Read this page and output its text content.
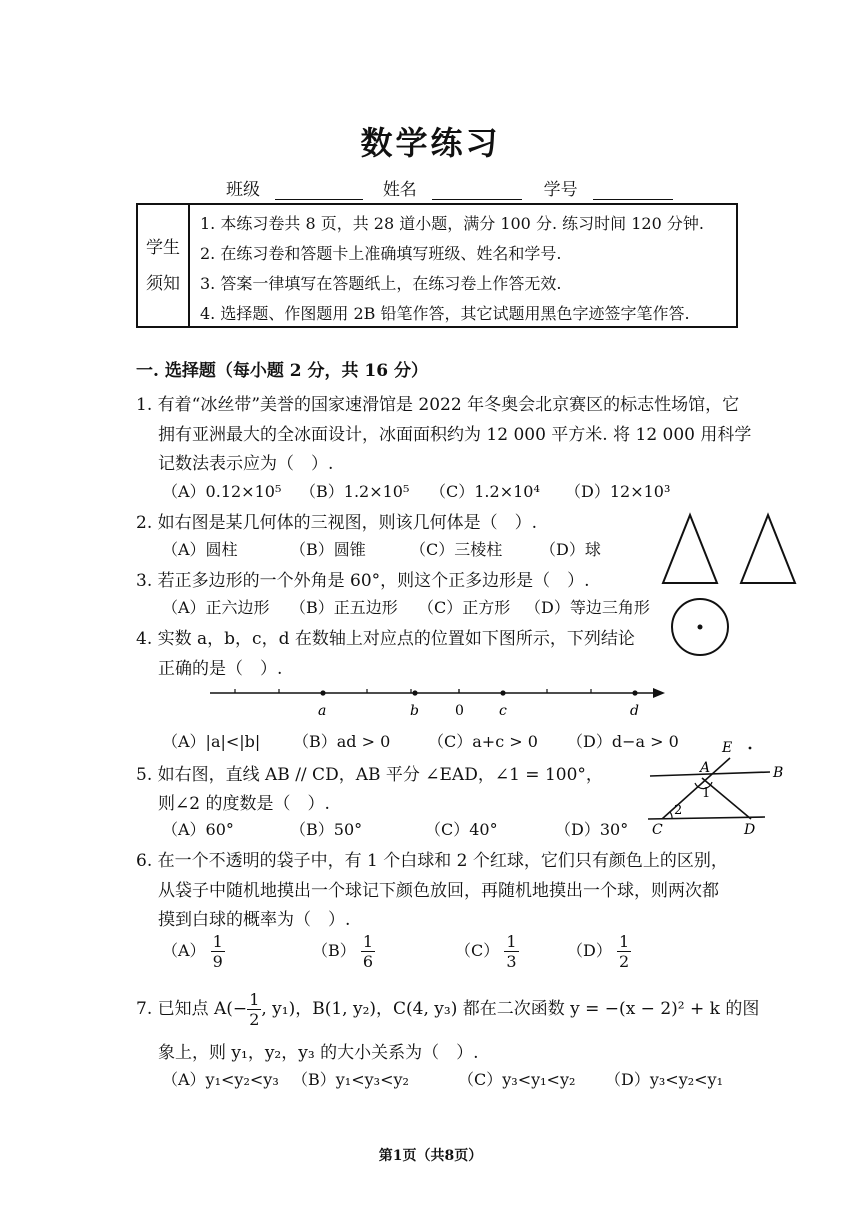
数学练习
班级	姓名	学号
学生
须知
1. 本练习卷共 8 页，共 28 道小题，满分 100 分. 练习时间 120 分钟.
2. 在练习卷和答题卡上准确填写班级、姓名和学号.
3. 答案一律填写在答题纸上，在练习卷上作答无效.
4. 选择题、作图题用 2B 铅笔作答，其它试题用黑色字迹签字笔作答.
一. 选择题（每小题 2 分，共 16 分）
1. 有着“冰丝带”美誉的国家速滑馆是 2022 年冬奥会北京赛区的标志性场馆，它
拥有亚洲最大的全冰面设计，冰面面积约为 12 000 平方米. 将 12 000 用科学
记数法表示应为（　）.
（A）0.12×10⁵ （B）1.2×10⁵ （C）1.2×10⁴ （D）12×10³
2. 如右图是某几何体的三视图，则该几何体是（　）.
（A）圆柱	（B）圆锥	（C）三棱柱 （D）球
3. 若正多边形的一个外角是 60°，则这个正多边形是（　）.
（A）正六边形 （B）正五边形 （C）正方形 （D）等边三角形
4. 实数 a，b，c，d 在数轴上对应点的位置如下图所示，下列结论
正确的是（　）.
a	b	0	c	d
（A）|a|<|b| （B）ad > 0 （C）a+c > 0 （D）d−a > 0
5. 如右图，直线 AB // CD，AB 平分 ∠EAD，∠1 = 100°，
则∠2 的度数是（　）.
（A）60°	（B）50°	（C）40°	（D）30°
E
A	B
1
2
C	D
6. 在一个不透明的袋子中，有 1 个白球和 2 个红球，它们只有颜色上的区别，
从袋子中随机地摸出一个球记下颜色放回，再随机地摸出一个球，则两次都
摸到白球的概率为（　）.
$(A) \frac{1}{9}$	$(B) \frac{1}{6}$	$(C) \frac{1}{3}$	$(D) \frac{1}{2}$
7. 已知点 $A(- \frac{1}{2}$ , y₁)，B(1, y₂)，C(4, y₃) 都在二次函数 y = −(x − 2)² + k 的图
象上，则 y₁，y₂，y₃ 的大小关系为（　）.
（A）y₁<y₂<y₃ （B）y₁<y₃<y₂	（C）y₃<y₁<y₂ （D）y₃<y₂<y₁
第1页（共8页）
